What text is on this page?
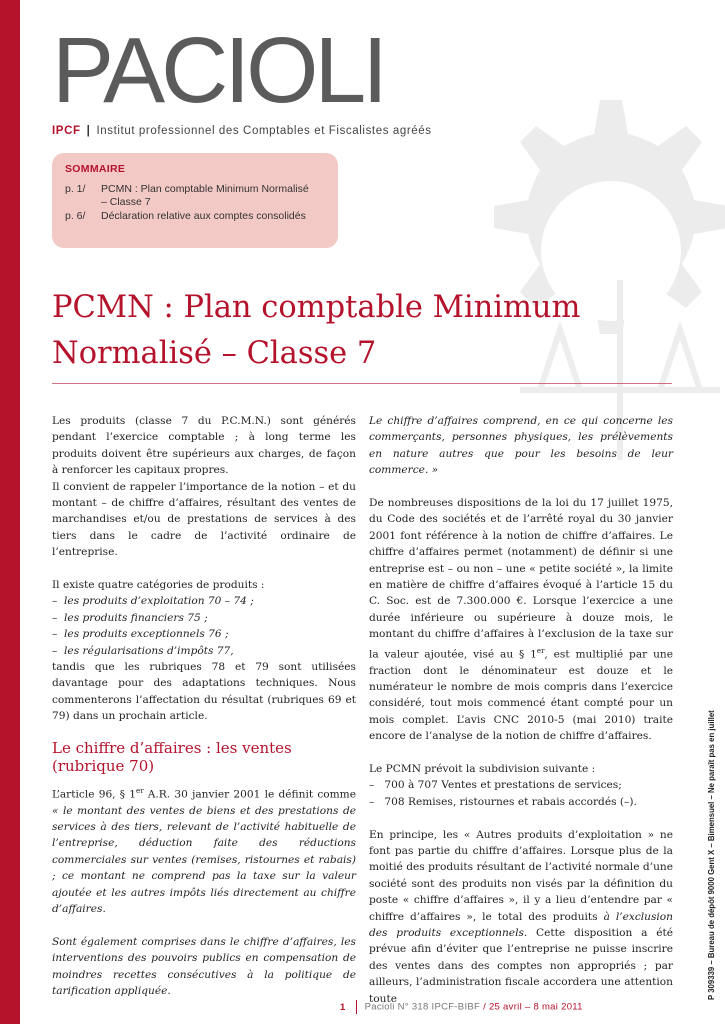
PACIOLI
IPCF | Institut professionnel des Comptables et Fiscalistes agréés
SOMMAIRE
p. 1/ PCMN : Plan comptable Minimum Normalisé – Classe 7
p. 6/ Déclaration relative aux comptes consolidés
PCMN : Plan comptable Minimum
Normalisé – Classe 7

Les produits (classe 7 du P.C.M.N.) sont générés pendant l’exercice comptable ; à long terme les produits doivent être supérieurs aux charges, de façon à renforcer les capitaux propres.

Il convient de rappeler l’importance de la notion – et du montant – de chiffre d’affaires, résultant des ventes de marchandises et/ou de prestations de services à des tiers dans le cadre de l’activité ordinaire de l’entreprise.

Il existe quatre catégories de produits :

– les produits d’exploitation 70 – 74 ;
– les produits financiers 75 ;
– les produits exceptionnels 76 ;
– les régularisations d’impôts 77,

tandis que les rubriques 78 et 79 sont utilisées davantage pour des adaptations techniques. Nous commenterons l’affectation du résultat (rubriques 69 et 79) dans un prochain article.

Le chiffre d’affaires : les ventes (rubrique 70)

L’article 96, § 1er A.R. 30 janvier 2001 le définit comme « le montant des ventes de biens et des prestations de services à des tiers, relevant de l’activité habituelle de l’entreprise, déduction faite des réductions commerciales sur ventes (remises, ristournes et rabais) ; ce montant ne comprend pas la taxe sur la valeur ajoutée et les autres impôts liés directement au chiffre d’affaires.

Sont également comprises dans le chiffre d’affaires, les interventions des pouvoirs publics en compensation de moindres recettes consécutives à la politique de tarification appliquée.

Le chiffre d’affaires comprend, en ce qui concerne les commerçants, personnes physiques, les prélèvements en nature autres que pour les besoins de leur commerce. »

De nombreuses dispositions de la loi du 17 juillet 1975, du Code des sociétés et de l’arrêté royal du 30 janvier 2001 font référence à la notion de chiffre d’affaires. Le chiffre d’affaires permet (notamment) de définir si une entreprise est – ou non – une « petite société », la limite en matière de chiffre d’affaires évoqué à l’article 15 du C. Soc. est de 7.300.000 €. Lorsque l’exercice a une durée inférieure ou supérieure à douze mois, le montant du chiffre d’affaires à l’exclusion de la taxe sur la valeur ajoutée, visé au § 1er, est multiplié par une fraction dont le dénominateur est douze et le numérateur le nombre de mois compris dans l’exercice considéré, tout mois commencé étant compté pour un mois complet. L’avis CNC 2010-5 (mai 2010) traite encore de l’analyse de la notion de chiffre d’affaires.

Le PCMN prévoit la subdivision suivante :

– 700 à 707 Ventes et prestations de services;
– 708 Remises, ristournes et rabais accordés (–).

En principe, les « Autres produits d’exploitation » ne font pas partie du chiffre d’affaires. Lorsque plus de la moitié des produits résultant de l’activité normale d’une société sont des produits non visés par la définition du poste « chiffre d’affaires », il y a lieu d’entendre par « chiffre d’affaires », le total des produits à l’exclusion des produits exceptionnels. Cette disposition a été prévue afin d’éviter que l’entreprise ne puisse inscrire des ventes dans des comptes non appropriés ; par ailleurs, l’administration fiscale accordera une attention toute	P 309339 – Bureau de dépôt 9000 Gent X – Bimensuel – Ne paraît pas en juillet
1 Pacioli N° 318 IPCF-BIBF / 25 avril – 8 mai 2011
